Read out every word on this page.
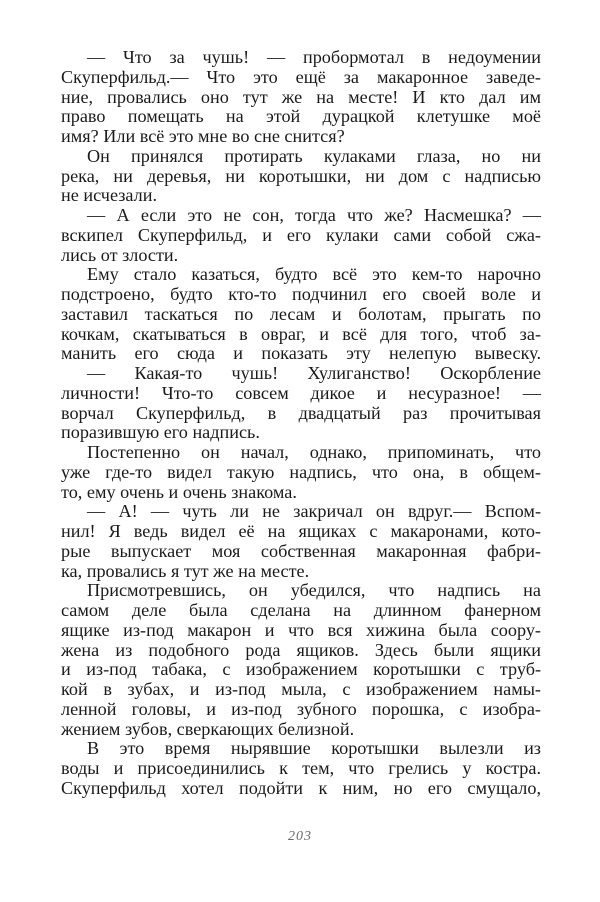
— Что за чушь! — пробормотал в недоумении
Скуперфильд.— Что это ещё за макаронное заведе-
ние, провались оно тут же на месте! И кто дал им
право помещать на этой дурацкой клетушке моё
имя? Или всё это мне во сне снится?
Он принялся протирать кулаками глаза, но ни
река, ни деревья, ни коротышки, ни дом с надписью
не исчезали.
— А если это не сон, тогда что же? Насмешка? —
вскипел Скуперфильд, и его кулаки сами собой сжа-
лись от злости.
Ему стало казаться, будто всё это кем-то нарочно
подстроено, будто кто-то подчинил его своей воле и
заставил таскаться по лесам и болотам, прыгать по
кочкам, скатываться в овраг, и всё для того, чтоб за-
манить его сюда и показать эту нелепую вывеску.
— Какая-то чушь! Хулиганство! Оскорбление
личности! Что-то совсем дикое и несуразное! —
ворчал Скуперфильд, в двадцатый раз прочитывая
поразившую его надпись.
Постепенно он начал, однако, припоминать, что
уже где-то видел такую надпись, что она, в общем-
то, ему очень и очень знакома.
— А! — чуть ли не закричал он вдруг.— Вспом-
нил! Я ведь видел её на ящиках с макаронами, кото-
рые выпускает моя собственная макаронная фабри-
ка, провались я тут же на месте.
Присмотревшись, он убедился, что надпись на
самом деле была сделана на длинном фанерном
ящике из-под макарон и что вся хижина была соору-
жена из подобного рода ящиков. Здесь были ящики
и из-под табака, с изображением коротышки с труб-
кой в зубах, и из-под мыла, с изображением намы-
ленной головы, и из-под зубного порошка, с изобра-
жением зубов, сверкающих белизной.
В это время нырявшие коротышки вылезли из
воды и присоединились к тем, что грелись у костра.
Скуперфильд хотел подойти к ним, но его смущало,
203
